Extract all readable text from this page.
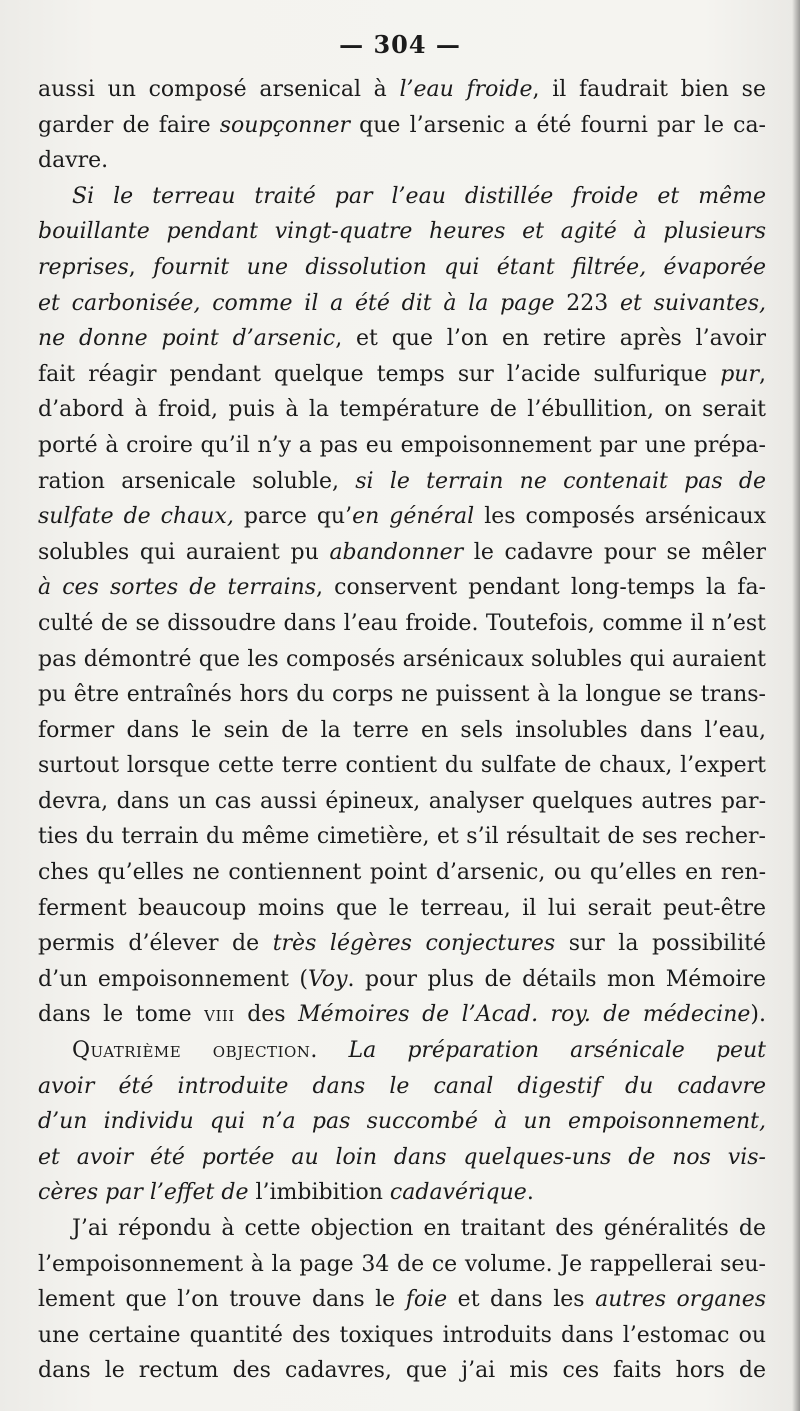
— 304 —
aussi un composé arsenical à l’eau froide, il faudrait bien se
garder de faire soupçonner que l’arsenic a été fourni par le ca-
davre.
Si le terreau traité par l’eau distillée froide et même
bouillante pendant vingt-quatre heures et agité à plusieurs
reprises, fournit une dissolution qui étant filtrée, évaporée
et carbonisée, comme il a été dit à la page 223 et suivantes,
ne donne point d’arsenic, et que l’on en retire après l’avoir
fait réagir pendant quelque temps sur l’acide sulfurique pur,
d’abord à froid, puis à la température de l’ébullition, on serait
porté à croire qu’il n’y a pas eu empoisonnement par une prépa-
ration arsenicale soluble, si le terrain ne contenait pas de
sulfate de chaux, parce qu’en général les composés arsénicaux
solubles qui auraient pu abandonner le cadavre pour se mêler
à ces sortes de terrains, conservent pendant long-temps la fa-
culté de se dissoudre dans l’eau froide. Toutefois, comme il n’est
pas démontré que les composés arsénicaux solubles qui auraient
pu être entraînés hors du corps ne puissent à la longue se trans-
former dans le sein de la terre en sels insolubles dans l’eau,
surtout lorsque cette terre contient du sulfate de chaux, l’expert
devra, dans un cas aussi épineux, analyser quelques autres par-
ties du terrain du même cimetière, et s’il résultait de ses recher-
ches qu’elles ne contiennent point d’arsenic, ou qu’elles en ren-
ferment beaucoup moins que le terreau, il lui serait peut-être
permis d’élever de très légères conjectures sur la possibilité
d’un empoisonnement (Voy. pour plus de détails mon Mémoire
dans le tome viii des Mémoires de l’Acad. roy. de médecine).
Quatrième objection. La préparation arsénicale peut
avoir été introduite dans le canal digestif du cadavre
d’un individu qui n’a pas succombé à un empoisonnement,
et avoir été portée au loin dans quelques-uns de nos vis-
cères par l’effet de l’imbibition cadavérique.
J’ai répondu à cette objection en traitant des généralités de
l’empoisonnement à la page 34 de ce volume. Je rappellerai seu-
lement que l’on trouve dans le foie et dans les autres organes
une certaine quantité des toxiques introduits dans l’estomac ou
dans le rectum des cadavres, que j’ai mis ces faits hors de
